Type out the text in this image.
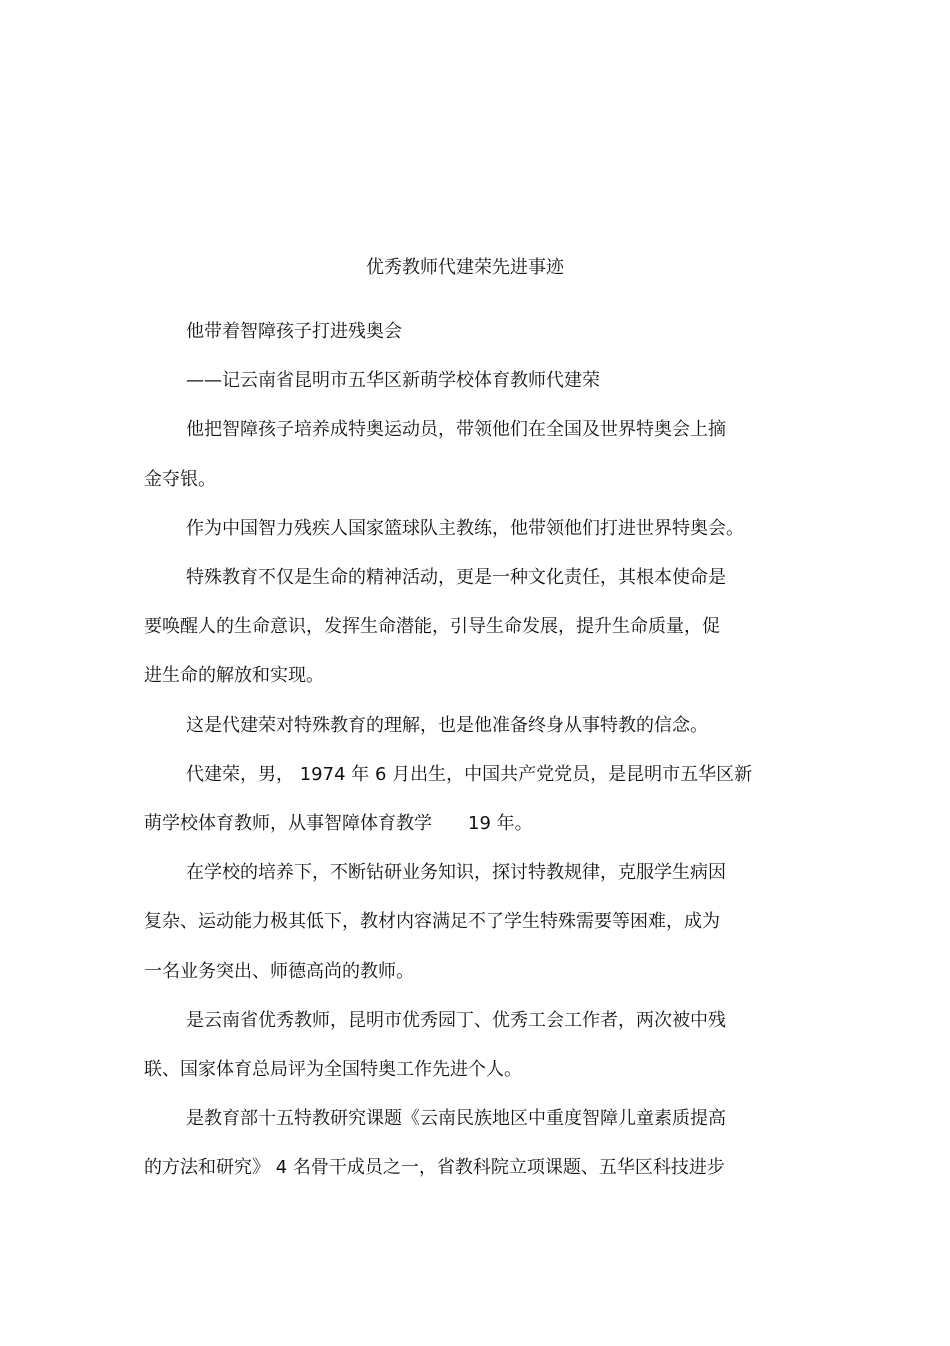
优秀教师代建荣先进事迹
他带着智障孩子打进残奥会
——记云南省昆明市五华区新萌学校体育教师代建荣
他把智障孩子培养成特奥运动员，带领他们在全国及世界特奥会上摘
金夺银。
作为中国智力残疾人国家篮球队主教练，他带领他们打进世界特奥会。
特殊教育不仅是生命的精神活动，更是一种文化责任，其根本使命是
要唤醒人的生命意识，发挥生命潜能，引导生命发展，提升生命质量，促
进生命的解放和实现。
这是代建荣对特殊教育的理解，也是他准备终身从事特教的信念。
代建荣，男， 1974 年 6 月出生，中国共产党党员，是昆明市五华区新
萌学校体育教师，从事智障体育教学　　19 年。
在学校的培养下，不断钻研业务知识，探讨特教规律，克服学生病因
复杂、运动能力极其低下，教材内容满足不了学生特殊需要等困难，成为
一名业务突出、师德高尚的教师。
是云南省优秀教师，昆明市优秀园丁、优秀工会工作者，两次被中残
联、国家体育总局评为全国特奥工作先进个人。
是教育部十五特教研究课题《云南民族地区中重度智障儿童素质提高
的方法和研究》 4 名骨干成员之一，省教科院立项课题、五华区科技进步
